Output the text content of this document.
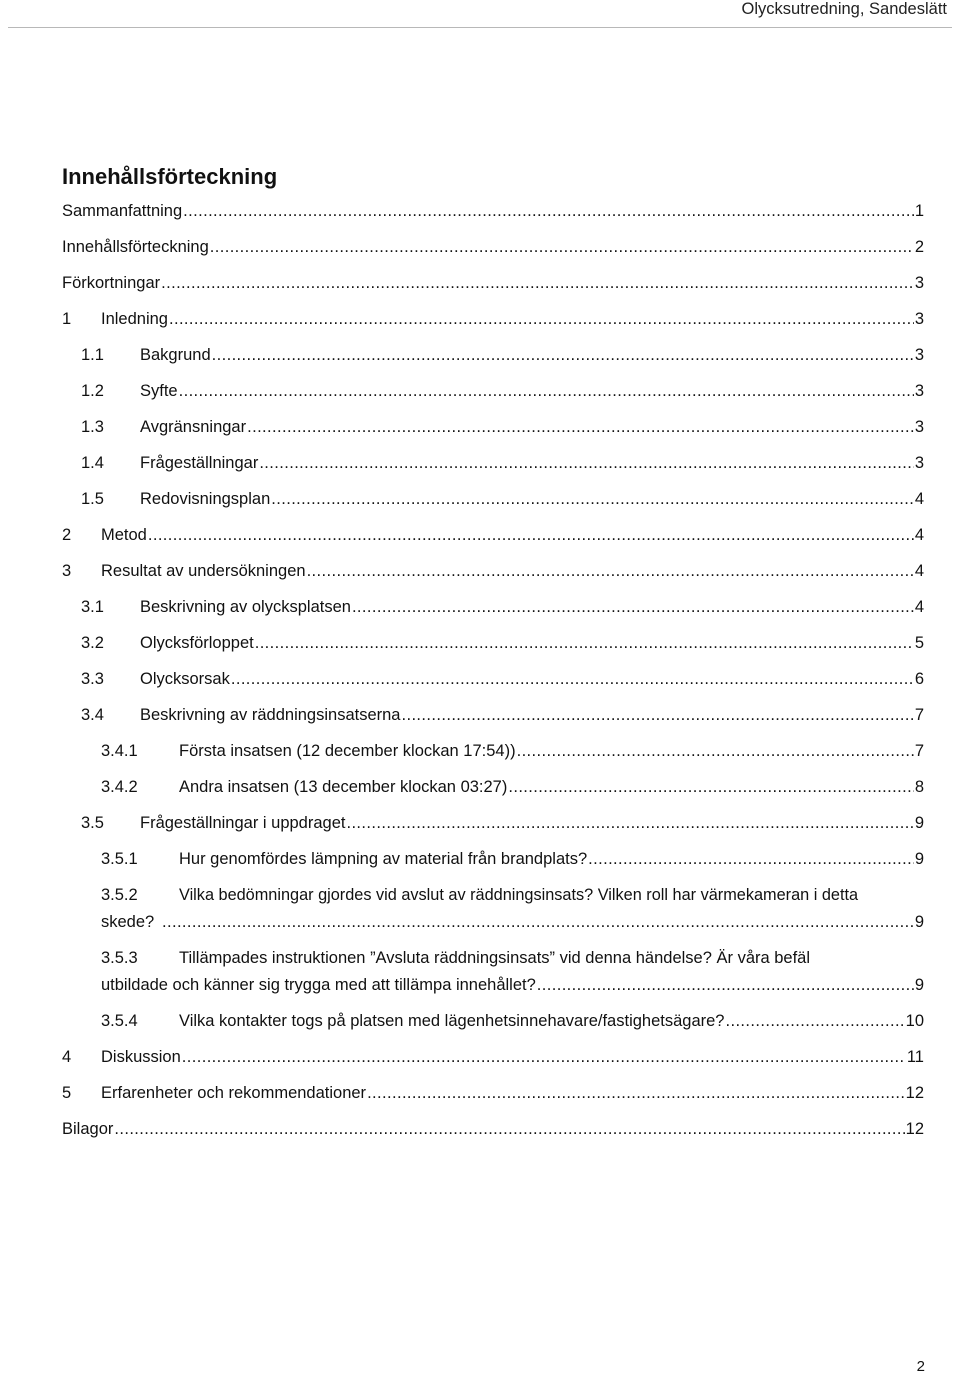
Olycksutredning, Sandeslätt
Innehållsförteckning
Sammanfattning .....	1
Innehållsförteckning .....	2
Förkortningar .....	3
1 Inledning .....	3
1.1 Bakgrund .....	3
1.2 Syfte .....	3
1.3 Avgränsningar .....	3
1.4 Frågeställningar .....	3
1.5 Redovisningsplan .....	4
2 Metod .....	4
3 Resultat av undersökningen .....	4
3.1 Beskrivning av olycksplatsen .....	4
3.2 Olycksförloppet .....	5
3.3 Olycksorsak .....	6
3.4 Beskrivning av räddningsinsatserna .....	7
3.4.1	Första insatsen (12 december klockan 17:54)) .....	7
3.4.2	Andra insatsen (13 december klockan 03:27) .....	8
3.5 Frågeställningar i uppdraget .....	9
3.5.1	Hur genomfördes lämpning av material från brandplats? .....	9
3.5.2	Vilka bedömningar gjordes vid avslut av räddningsinsats? Vilken roll har värmekameran i detta
skede? .....	9
3.5.3	Tillämpades instruktionen ”Avsluta räddningsinsats” vid denna händelse? Är våra befäl
utbildade och känner sig trygga med att tillämpa innehållet? .....	9
3.5.4	Vilka kontakter togs på platsen med lägenhetsinnehavare/fastighetsägare? .....	10
4 Diskussion .....	11
5 Erfarenheter och rekommendationer .....	12
Bilagor .....	12
2
